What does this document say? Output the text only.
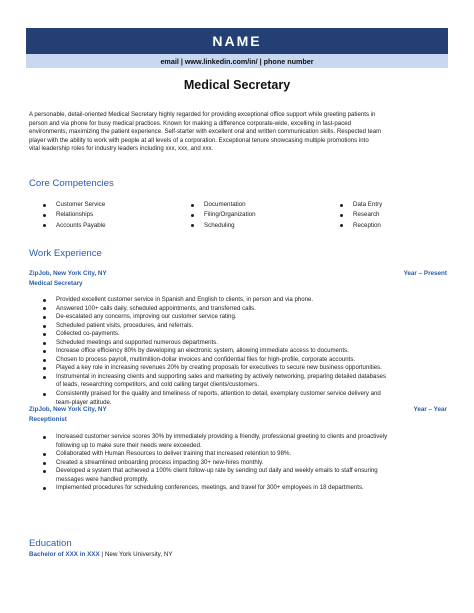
NAME
email | www.linkedin.com/in/ | phone number
Medical Secretary
A personable, detail-oriented Medical Secretary highly regarded for providing exceptional office support while greeting patients in
person and via phone for busy medical practices. Known for making a difference corporate-wide, excelling in fast-paced
environments, maximizing the patient experience. Self-starter with excellent oral and written communication skills. Respected team
player with the ability to work with people at all levels of a corporation. Exceptional tenure showcasing multiple promotions into
vital leadership roles for industry leaders including xxx, xxx, and xxx.
Core Competencies
Customer Service
Relationships
Accounts Payable
Documentation
Filing/Organization
Scheduling
Data Entry
Research
Reception
Work Experience
ZipJob, New York City, NY	Year – Present
Medical Secretary
Provided excellent customer service in Spanish and English to clients, in person and via phone.
Answered 100+ calls daily, scheduled appointments, and transferred calls.
De-escalated any concerns, improving our customer service rating.
Scheduled patient visits, procedures, and referrals.
Collected co-payments.
Scheduled meetings and supported numerous departments.
Increase office efficiency 80% by developing an electronic system, allowing immediate access to documents.
Chosen to process payroll, multimillion-dollar invoices and confidential files for high-profile, corporate accounts.
Played a key role in increasing revenues 20% by creating proposals for executives to secure new business opportunities.
Instrumental in increasing clients and supporting sales and marketing by actively networking, preparing detailed databases
of leads, researching competitors, and cold calling target clients/customers.
Consistently praised for the quality and timeliness of reports, attention to detail, exemplary customer service delivery and
team-player attitude.
ZipJob, New York City, NY	Year – Year
Receptionist
Increased customer service scores 30% by immediately providing a friendly, professional greeting to clients and proactively
following up to make sure their needs were exceeded.
Collaborated with Human Resources to deliver training that increased retention to 98%.
Created a streamlined onboarding process impacting 30+ new-hires monthly.
Developed a system that achieved a 100% client follow-up rate by sending out daily and weekly emails to staff ensuring
messages were handled promptly.
Implemented procedures for scheduling conferences, meetings, and travel for 300+ employees in 18 departments.
Education
Bachelor of XXX in XXX | New York University, NY
